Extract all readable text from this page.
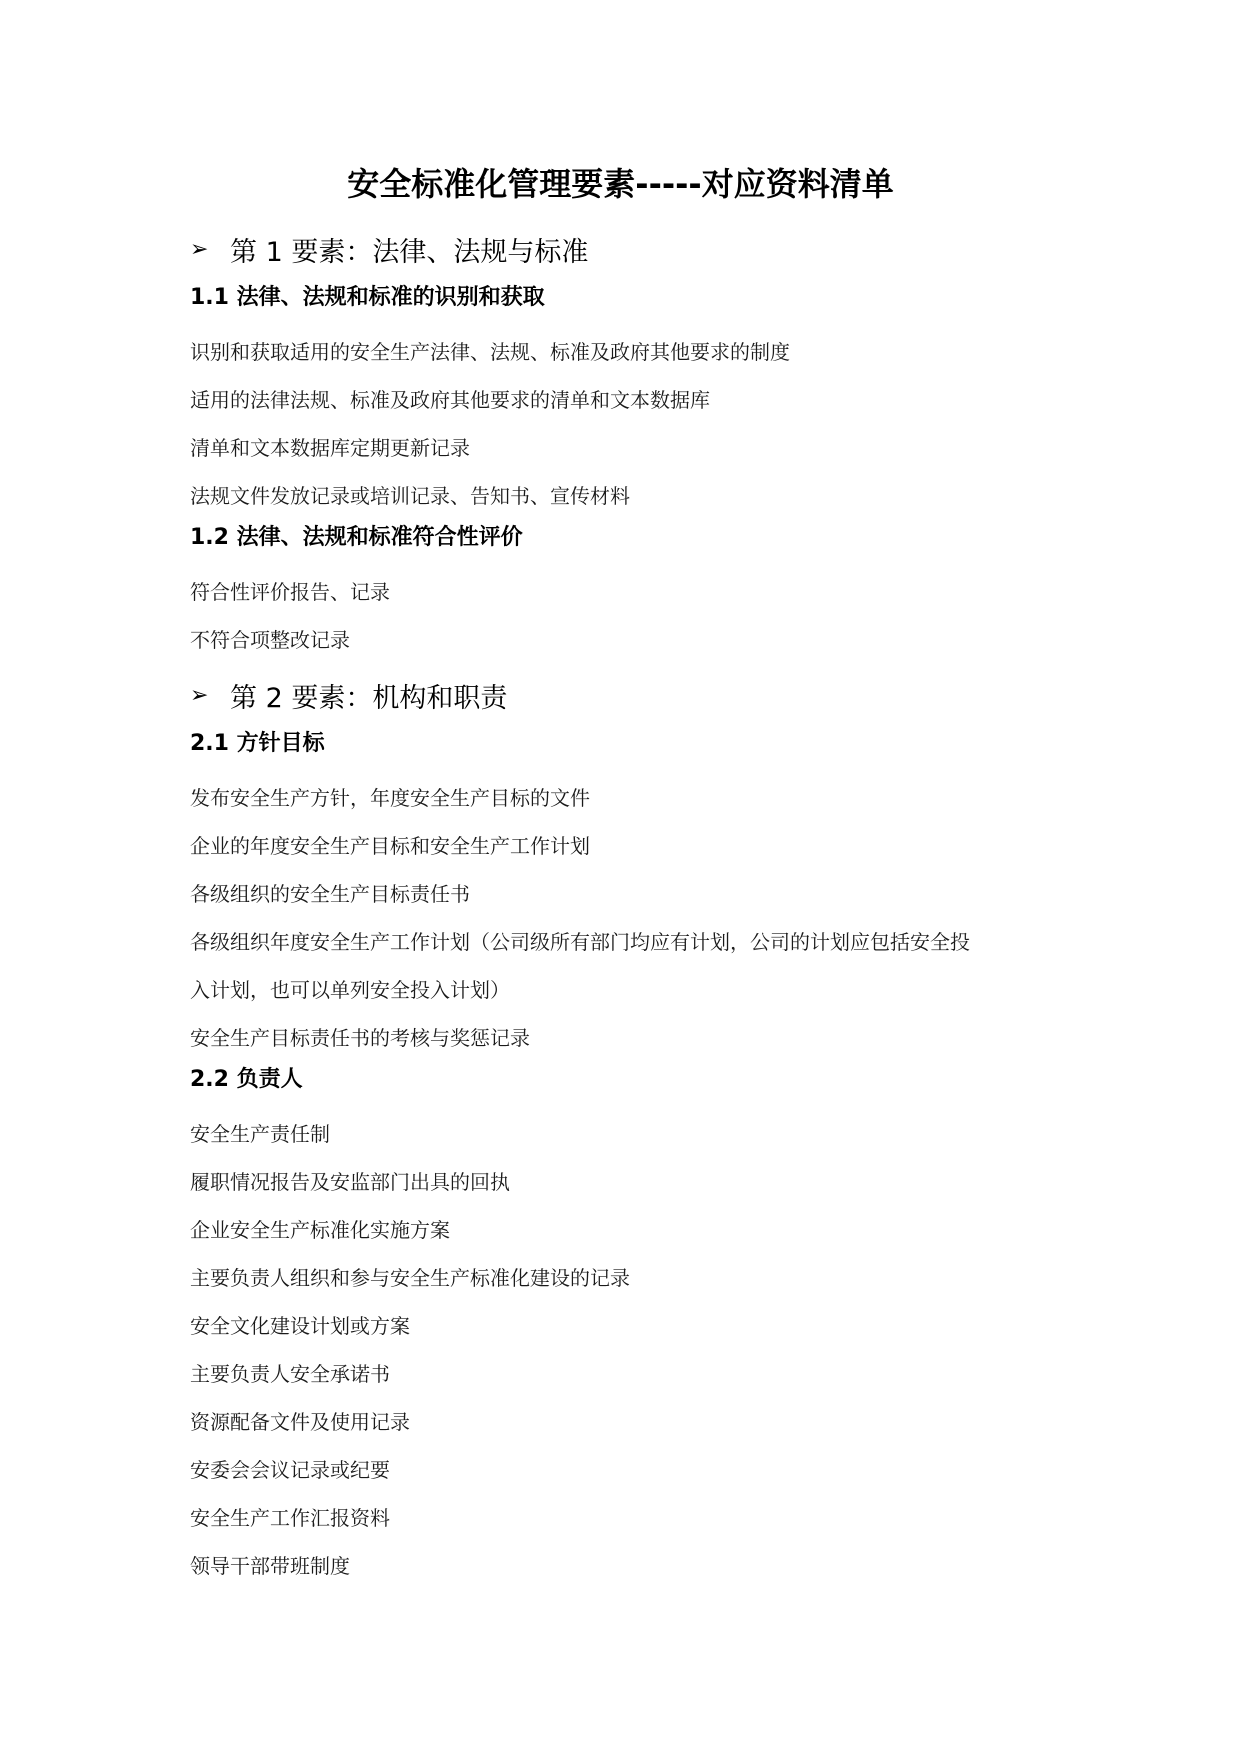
安全标准化管理要素-----对应资料清单
➢ 第 1 要素：法律、法规与标准
1.1 法律、法规和标准的识别和获取
识别和获取适用的安全生产法律、法规、标准及政府其他要求的制度
适用的法律法规、标准及政府其他要求的清单和文本数据库
清单和文本数据库定期更新记录
法规文件发放记录或培训记录、告知书、宣传材料
1.2 法律、法规和标准符合性评价
符合性评价报告、记录
不符合项整改记录
➢ 第 2 要素：机构和职责
2.1 方针目标
发布安全生产方针，年度安全生产目标的文件
企业的年度安全生产目标和安全生产工作计划
各级组织的安全生产目标责任书
各级组织年度安全生产工作计划（公司级所有部门均应有计划，公司的计划应包括安全投
入计划，也可以单列安全投入计划）
安全生产目标责任书的考核与奖惩记录
2.2 负责人
安全生产责任制
履职情况报告及安监部门出具的回执
企业安全生产标准化实施方案
主要负责人组织和参与安全生产标准化建设的记录
安全文化建设计划或方案
主要负责人安全承诺书
资源配备文件及使用记录
安委会会议记录或纪要
安全生产工作汇报资料
领导干部带班制度
